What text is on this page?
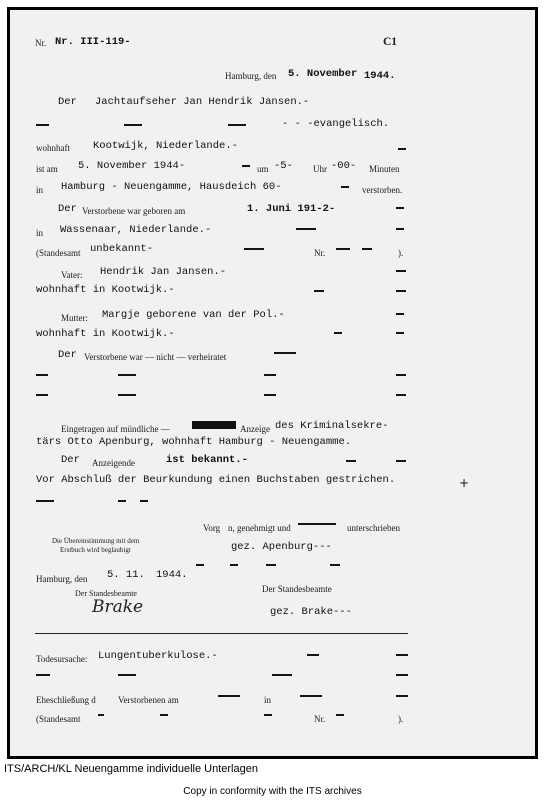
Nr. Nr. III-119-	C1
Hamburg, den 5. November 1944.
Der Jachtaufseher Jan Hendrik Jansen.-
- - -evangelisch.
wohnhaft Kootwijk, Niederlande.-
ist am 5. November 1944-	um -5- Uhr -00- Minuten
in Hamburg - Neuengamme, Hausdeich 60-	verstorben.
Der Verstorbene war geboren am	1. Juni 191-2-
in Wassenaar, Niederlande.-
(Standesamt unbekannt-	Nr.	).
Vater: Hendrik Jan Jansen.-
wohnhaft in Kootwijk.-
Mutter: Margje geborene van der Pol.-
wohnhaft in Kootwijk.-
Der Verstorbene war — nicht — verheiratet
Eingetragen auf mündliche —	Anzeige des Kriminalsekre-
tärs Otto Apenburg, wohnhaft Hamburg - Neuengamme.
Der Anzeigende	ist bekannt.-
Vor Abschluß der Beurkundung einen Buchstaben gestrichen.	+
Vorg n, genehmigt und	unterschrieben
Die Übereinstimmung mit dem
Erstbuch wird beglaubigt	gez. Apenburg---
Hamburg, den 5. 11. 1944.
Der Standesbeamte
Brake
Der Standesbeamte
gez. Brake---
Todesursache: Lungentuberkulose.-
Eheschließung d Verstorbenen am	in
(Standesamt	Nr.	).
ITS/ARCH/KL Neuengamme individuelle Unterlagen
Copy in conformity with the ITS archives
